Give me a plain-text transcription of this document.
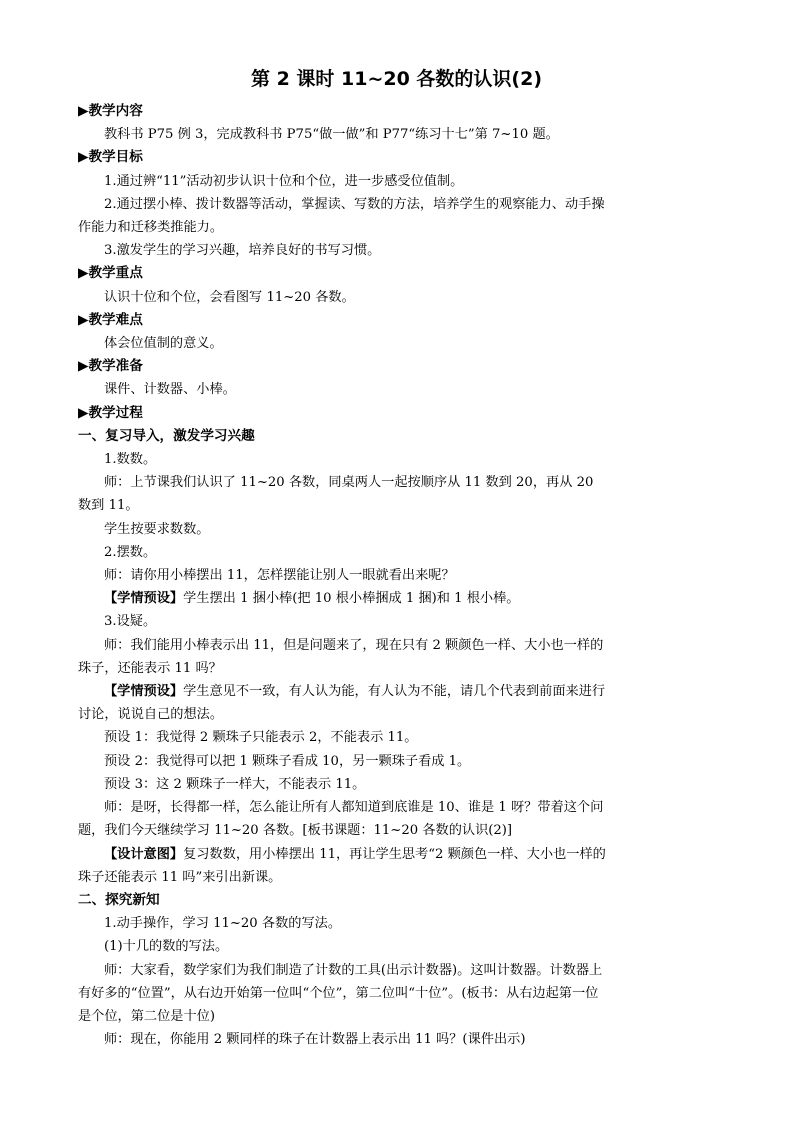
第 2 课时 11~20 各数的认识(2)

▶教学内容

教科书 P75 例 3，完成教科书 P75“做一做”和 P77“练习十七”第 7~10 题。

▶教学目标

1.通过辨“11”活动初步认识十位和个位，进一步感受位值制。

2.通过摆小棒、拨计数器等活动，掌握读、写数的方法，培养学生的观察能力、动手操作能力和迁移类推能力。

3.激发学生的学习兴趣，培养良好的书写习惯。

▶教学重点

认识十位和个位，会看图写 11~20 各数。

▶教学难点

体会位值制的意义。

▶教学准备

课件、计数器、小棒。

▶教学过程

一、复习导入，激发学习兴趣

1.数数。

师：上节课我们认识了 11~20 各数，同桌两人一起按顺序从 11 数到 20，再从 20 数到 11。

学生按要求数数。

2.摆数。

师：请你用小棒摆出 11，怎样摆能让别人一眼就看出来呢？

【学情预设】学生摆出 1 捆小棒(把 10 根小棒捆成 1 捆)和 1 根小棒。

3.设疑。

师：我们能用小棒表示出 11，但是问题来了，现在只有 2 颗颜色一样、大小也一样的珠子，还能表示 11 吗？

【学情预设】学生意见不一致，有人认为能，有人认为不能，请几个代表到前面来进行讨论，说说自己的想法。

预设 1：我觉得 2 颗珠子只能表示 2，不能表示 11。

预设 2：我觉得可以把 1 颗珠子看成 10，另一颗珠子看成 1。

预设 3：这 2 颗珠子一样大，不能表示 11。

师：是呀，长得都一样，怎么能让所有人都知道到底谁是 10、谁是 1 呀？带着这个问题，我们今天继续学习 11~20 各数。[板书课题：11~20 各数的认识(2)]

【设计意图】复习数数，用小棒摆出 11，再让学生思考“2 颗颜色一样、大小也一样的珠子还能表示 11 吗”来引出新课。

二、探究新知

1.动手操作，学习 11~20 各数的写法。

(1)十几的数的写法。

师：大家看，数学家们为我们制造了计数的工具(出示计数器)。这叫计数器。计数器上有好多的“位置”，从右边开始第一位叫“个位”，第二位叫“十位”。(板书：从右边起第一位是个位，第二位是十位)

师：现在，你能用 2 颗同样的珠子在计数器上表示出 11 吗？(课件出示)
